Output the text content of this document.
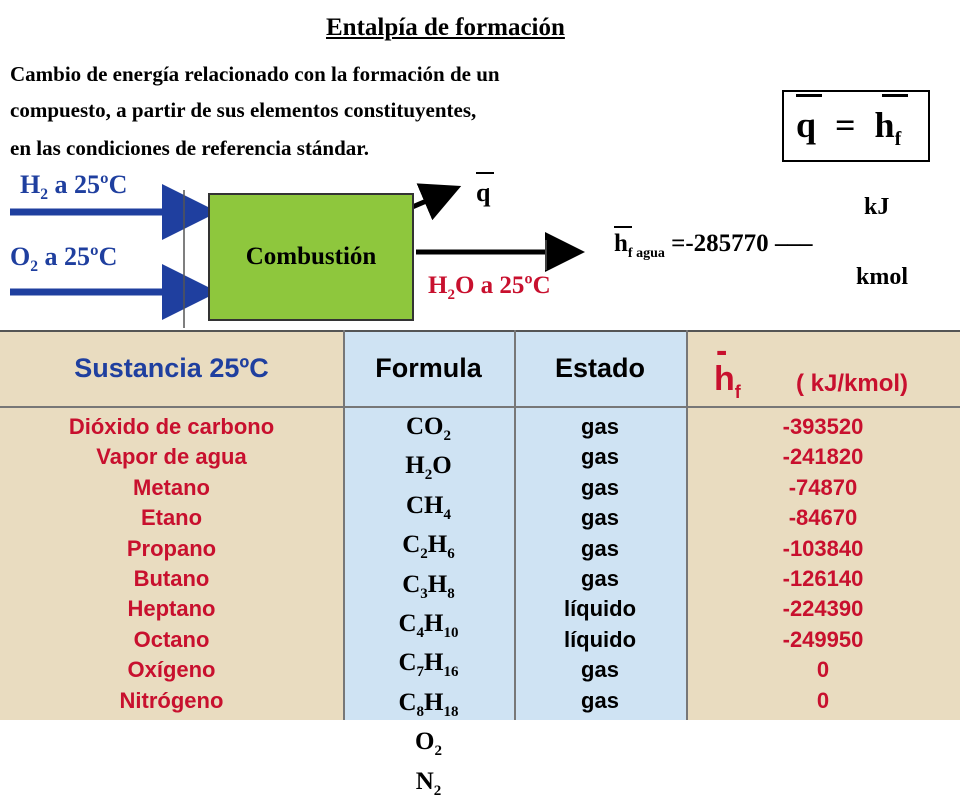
Entalpía de formación
Cambio de energía relacionado con la formación de un
compuesto, a partir de sus elementos constituyentes,
en las condiciones de referencia stándar.
$q = h_f$
$H_2$ a 25ºC
$O_2$ a 25ºC	Combustión
q
$H_2O$ a 25ºC
$h_{f agua} =-285770$ –––
kJ
kmol
Sustancia 25ºC
Dióxido de carbono
Vapor de agua
Metano
Etano
Propano
Butano
Heptano
Octano
Oxígeno
Nitrógeno
Formula
$CO_2$
$H_2O$
$CH_4$
$C_2H_6$
$C_3H_8$
$C_4H_{10}$
$C_7H_{16}$
$C_8H_{18}$
$O_2$
$N_2$
Estado
gas
gas
gas
gas
gas
gas
líquido
líquido
gas
gas
-
$h_f$ ( kJ/kmol)
-393520
-241820
-74870
-84670
-103840
-126140
-224390
-249950
0
0
